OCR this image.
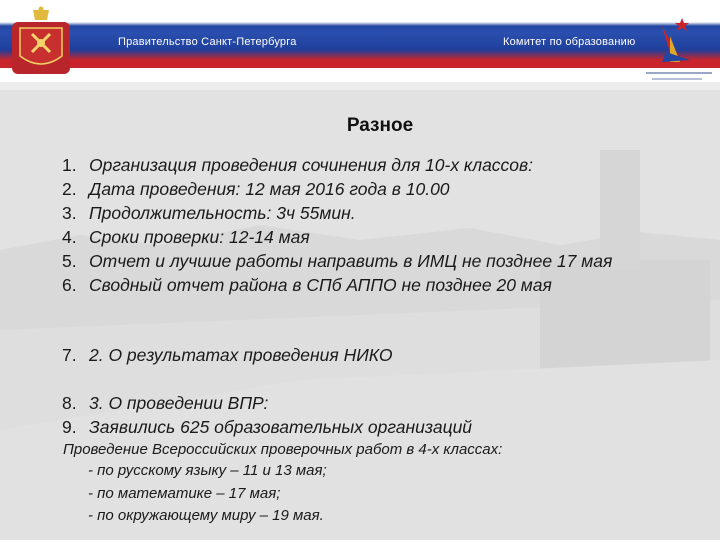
Правительство Санкт-Петербурга	Комитет по образованию
Разное
1. Организация проведения сочинения для 10-х классов:
2. Дата проведения: 12 мая 2016 года в 10.00
3. Продолжительность: 3ч 55мин.
4. Сроки проверки: 12-14 мая
5. Отчет и лучшие работы направить в ИМЦ не позднее 17 мая
6. Сводный отчет района в СПб АППО не позднее 20 мая
7. 2. О результатах проведения НИКО
8. 3. О проведении ВПР:
9. Заявились 625 образовательных организаций
Проведение Всероссийских проверочных работ в 4-х классах:
- по русскому языку – 11 и 13 мая;
- по математике – 17 мая;
- по окружающему миру – 19 мая.
